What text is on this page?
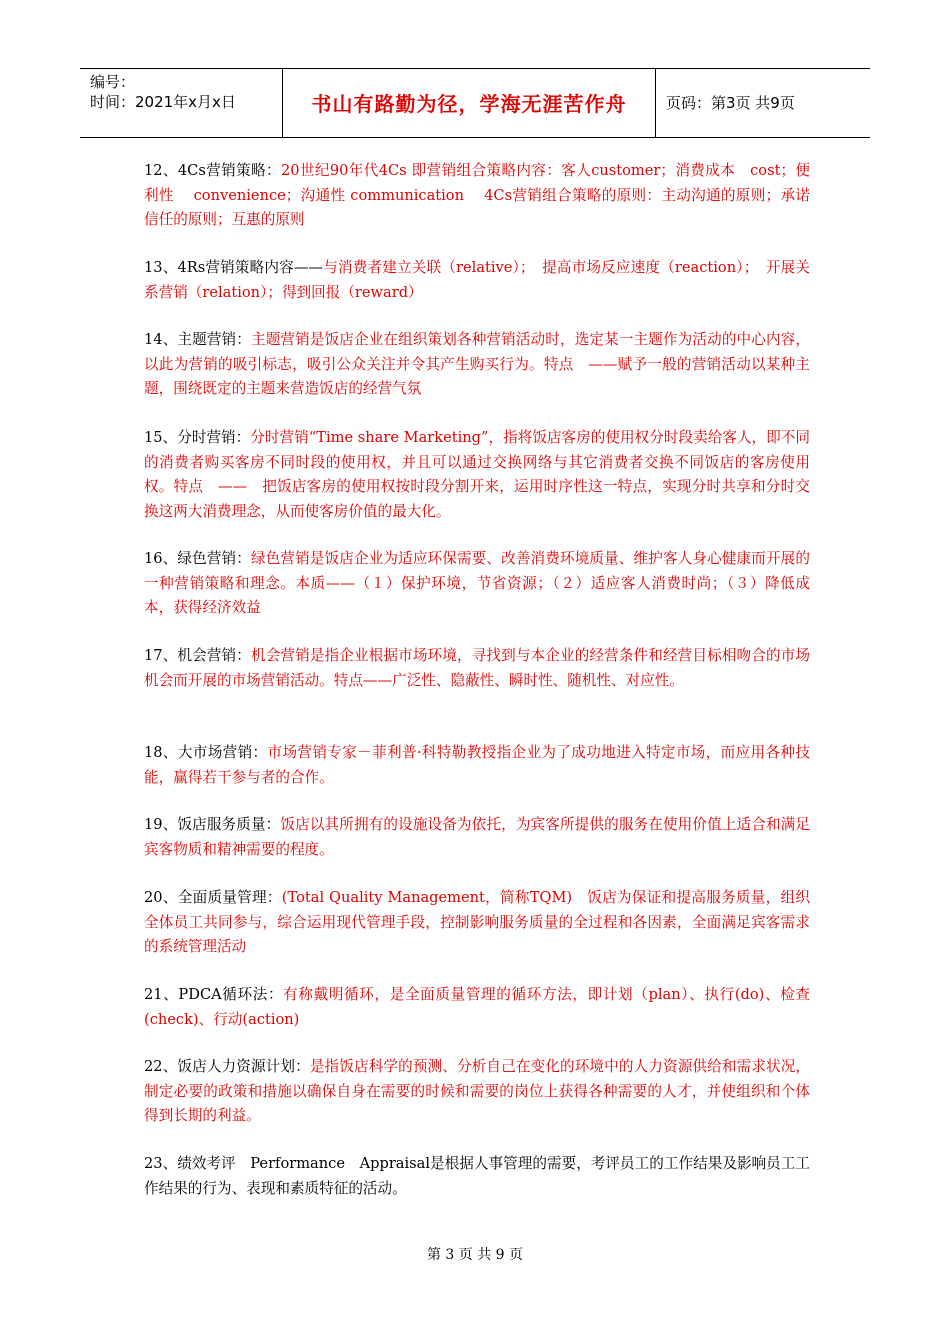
编号：
时间：2021年x月x日	书山有路勤为径，学海无涯苦作舟	页码：第3页 共9页
12、4Cs营销策略：20世纪90年代4Cs 即营销组合策略内容：客人customer；消费成本　cost；便利性　 convenience；沟通性 communication　 4Cs营销组合策略的原则：主动沟通的原则；承诺信任的原则；互惠的原则
13、4Rs营销策略内容——与消费者建立关联（relative）；　提高市场反应速度（reaction）；　开展关系营销（relation）；得到回报（reward）
14、主题营销：主题营销是饭店企业在组织策划各种营销活动时，选定某一主题作为活动的中心内容，以此为营销的吸引标志，吸引公众关注并令其产生购买行为。特点　——赋予一般的营销活动以某种主题，围绕既定的主题来营造饭店的经营气氛
15、分时营销：分时营销“Time share Marketing”，指将饭店客房的使用权分时段卖给客人，即不同的消费者购买客房不同时段的使用权，并且可以通过交换网络与其它消费者交换不同饭店的客房使用权。特点　——　把饭店客房的使用权按时段分割开来，运用时序性这一特点，实现分时共享和分时交换这两大消费理念，从而使客房价值的最大化。
16、绿色营销：绿色营销是饭店企业为适应环保需要、改善消费环境质量、维护客人身心健康而开展的一种营销策略和理念。本质——（１）保护环境，节省资源；（２）适应客人消费时尚；（３）降低成本，获得经济效益
17、机会营销：机会营销是指企业根据市场环境，寻找到与本企业的经营条件和经营目标相吻合的市场机会而开展的市场营销活动。特点——广泛性、隐蔽性、瞬时性、随机性、对应性。
18、大市场营销：市场营销专家－菲利普·科特勒教授指企业为了成功地进入特定市场，而应用各种技能，赢得若干参与者的合作。
19、饭店服务质量：饭店以其所拥有的设施设备为依托，为宾客所提供的服务在使用价值上适合和满足宾客物质和精神需要的程度。
20、全面质量管理：(Total Quality Management，简称TQM)　饭店为保证和提高服务质量，组织全体员工共同参与，综合运用现代管理手段，控制影响服务质量的全过程和各因素，全面满足宾客需求的系统管理活动
21、PDCA循环法：有称戴明循环，是全面质量管理的循环方法，即计划（plan）、执行(do)、检查(check)、行动(action)
22、饭店人力资源计划：是指饭店科学的预测、分析自己在变化的环境中的人力资源供给和需求状况，制定必要的政策和措施以确保自身在需要的时候和需要的岗位上获得各种需要的人才，并使组织和个体得到长期的利益。
23、绩效考评　Performance　Appraisal是根据人事管理的需要，考评员工的工作结果及影响员工工作结果的行为、表现和素质特征的活动。
第 3 页 共 9 页
